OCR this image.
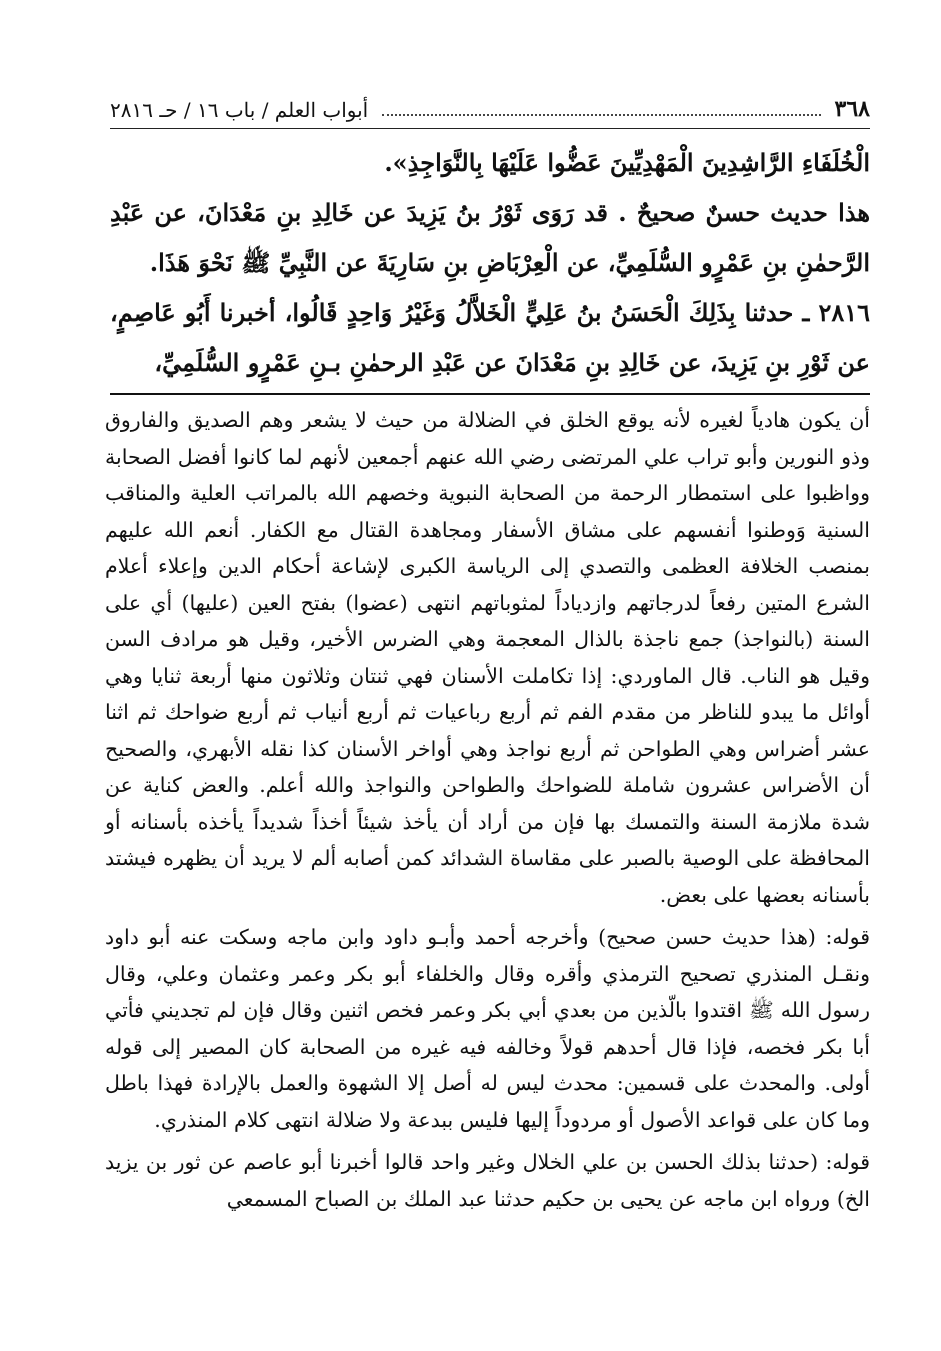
٣٦٨
أبواب العلم / باب ١٦ / حـ ٢٨١٦

الْخُلَفَاءِ الرَّاشِدِينَ الْمَهْدِيِّينَ عَضُّوا عَلَيْهَا بِالنَّوَاجِذِ».

هذا حديث حسنٌ صحيحٌ . قد رَوَى ثَوْرُ بنُ يَزِيدَ عن خَالِدِ بنِ مَعْدَانَ، عن عَبْدِ الرَّحمٰنِ بنِ عَمْرٍو السُّلَمِيِّ، عن الْعِرْبَاضِ بنِ سَارِيَةَ عن النَّبِيِّ ﷺ نَحْوَ هَذَا.

٢٨١٦ ـ حدثنا بِذَلِكَ الْحَسَنُ بنُ عَلِيٍّ الْخَلاَّلُ وَغَيْرُ وَاحِدٍ قَالُوا، أخبرنا أَبُو عَاصِمٍ، عن ثَوْرِ بنِ يَزِيدَ، عن خَالِدِ بنِ مَعْدَانَ عن عَبْدِ الرحمٰنِ بـنِ عَمْرٍو السُّلَمِيِّ،

أن يكون هادياً لغيره لأنه يوقع الخلق في الضلالة من حيث لا يشعر وهم الصديق والفاروق وذو النورين وأبو تراب علي المرتضى رضي الله عنهم أجمعين لأنهم لما كانوا أفضل الصحابة وواظبوا على استمطار الرحمة من الصحابة النبوية وخصهم الله بالمراتب العلية والمناقب السنية وَوطنوا أنفسهم على مشاق الأسفار ومجاهدة القتال مع الكفار. أنعم الله عليهم بمنصب الخلافة العظمى والتصدي إلى الرياسة الكبرى لإشاعة أحكام الدين وإعلاء أعلام الشرع المتين رفعاً لدرجاتهم وازدياداً لمثوباتهم انتهى (عضوا) بفتح العين (عليها) أي على السنة (بالنواجذ) جمع ناجذة بالذال المعجمة وهي الضرس الأخير، وقيل هو مرادف السن وقيل هو الناب. قال الماوردي: إذا تكاملت الأسنان فهي ثنتان وثلاثون منها أربعة ثنايا وهي أوائل ما يبدو للناظر من مقدم الفم ثم أربع رباعيات ثم أربع أنياب ثم أربع ضواحك ثم اثنا عشر أضراس وهي الطواحن ثم أربع نواجذ وهي أواخر الأسنان كذا نقله الأبهري، والصحيح أن الأضراس عشرون شاملة للضواحك والطواحن والنواجذ والله أعلم. والعض كناية عن شدة ملازمة السنة والتمسك بها فإن من أراد أن يأخذ شيئاً أخذاً شديداً يأخذه بأسنانه أو المحافظة على الوصية بالصبر على مقاساة الشدائد كمن أصابه ألم لا يريد أن يظهره فيشتد بأسنانه بعضها على بعض.

قوله: (هذا حديث حسن صحيح) وأخرجه أحمد وأبـو داود وابن ماجه وسكت عنه أبو داود ونقـل المنذري تصحيح الترمذي وأقره وقال والخلفاء أبو بكر وعمر وعثمان وعلي، وقال رسول الله ﷺ اقتدوا بالّذين من بعدي أبي بكر وعمر فخص اثنين وقال فإن لم تجديني فأتي أبا بكر فخصه، فإذا قال أحدهم قولاً وخالفه فيه غيره من الصحابة كان المصير إلى قوله أولى. والمحدث على قسمين: محدث ليس له أصل إلا الشهوة والعمل بالإرادة فهذا باطل وما كان على قواعد الأصول أو مردوداً إليها فليس ببدعة ولا ضلالة انتهى كلام المنذري.

قوله: (حدثنا بذلك الحسن بن علي الخلال وغير واحد قالوا أخبرنا أبو عاصم عن ثور بن يزيد الخ) ورواه ابن ماجه عن يحيى بن حكيم حدثنا عبد الملك بن الصباح المسمعي
